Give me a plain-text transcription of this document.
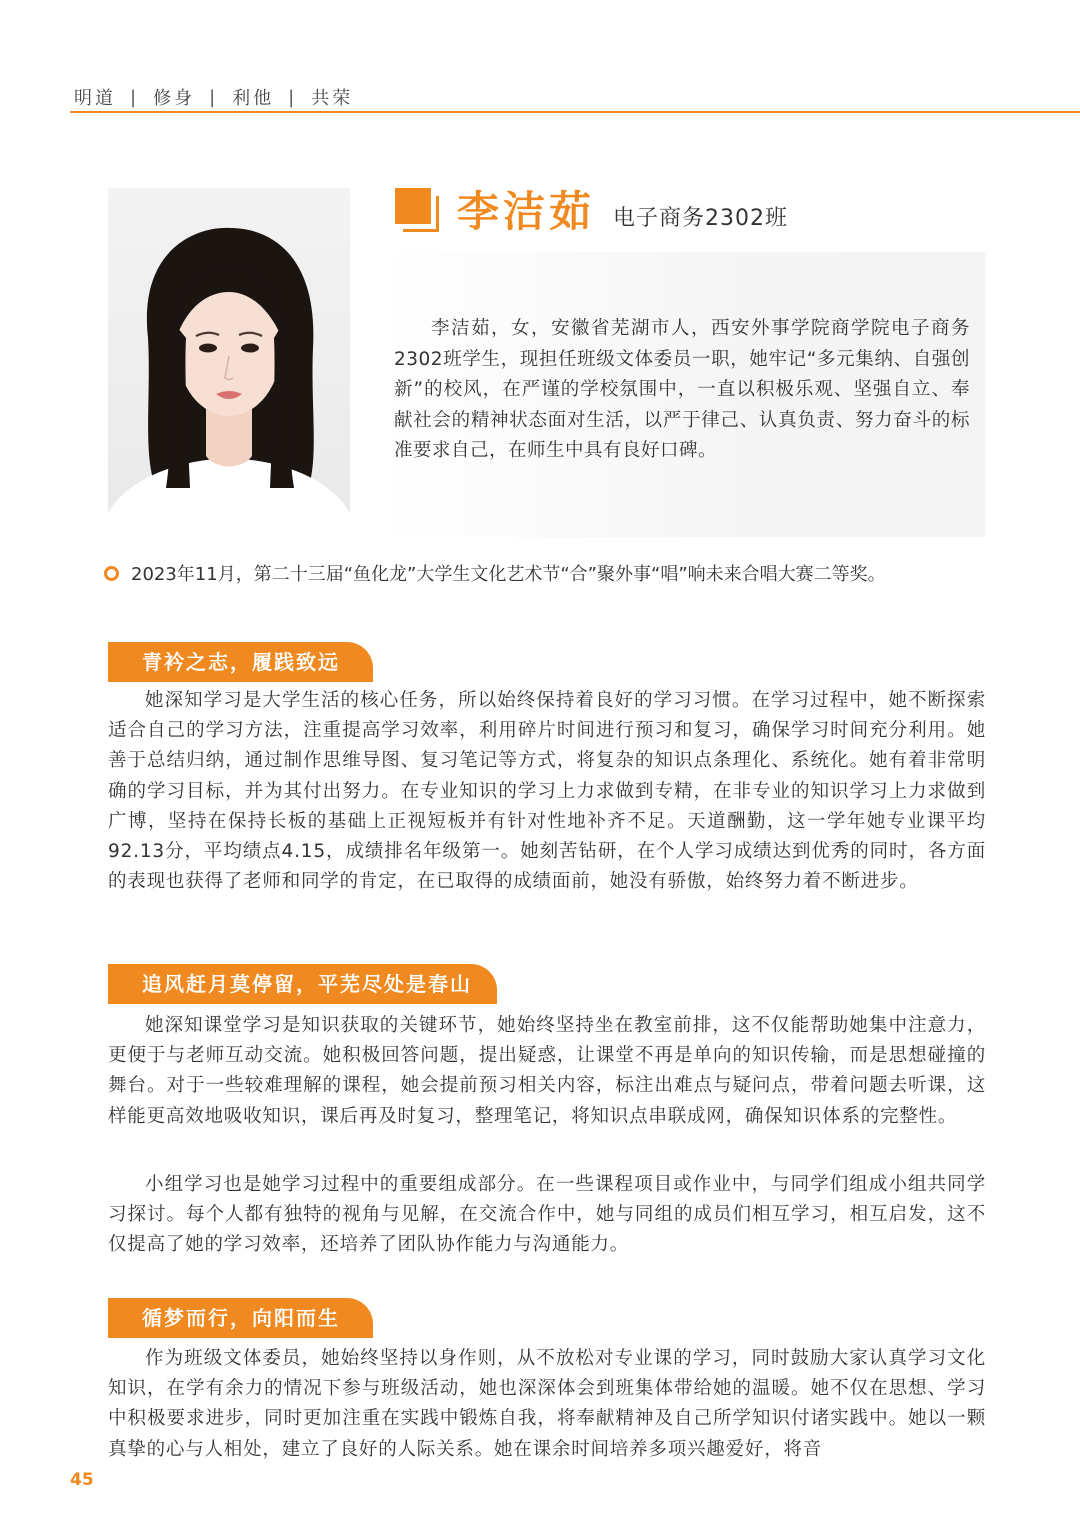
明道 | 修身 | 利他 | 共荣
李洁茹 电子商务2302班

李洁茹，女，安徽省芜湖市人，西安外事学院商学院电子商务2302班学生，现担任班级文体委员一职，她牢记“多元集纳、自强创新”的校风，在严谨的学校氛围中，一直以积极乐观、坚强自立、奉献社会的精神状态面对生活，以严于律己、认真负责、努力奋斗的标准要求自己，在师生中具有良好口碑。

2023年11月，第二十三届“鱼化龙”大学生文化艺术节“合”聚外事“唱”响未来合唱大赛二等奖。
青衿之志，履践致远

她深知学习是大学生活的核心任务，所以始终保持着良好的学习习惯。在学习过程中，她不断探索适合自己的学习方法，注重提高学习效率，利用碎片时间进行预习和复习，确保学习时间充分利用。她善于总结归纳，通过制作思维导图、复习笔记等方式，将复杂的知识点条理化、系统化。她有着非常明确的学习目标，并为其付出努力。在专业知识的学习上力求做到专精，在非专业的知识学习上力求做到广博，坚持在保持长板的基础上正视短板并有针对性地补齐不足。天道酬勤，这一学年她专业课平均92.13分，平均绩点4.15，成绩排名年级第一。她刻苦钻研，在个人学习成绩达到优秀的同时，各方面的表现也获得了老师和同学的肯定，在已取得的成绩面前，她没有骄傲，始终努力着不断进步。

追风赶月莫停留，平芜尽处是春山

她深知课堂学习是知识获取的关键环节，她始终坚持坐在教室前排，这不仅能帮助她集中注意力，更便于与老师互动交流。她积极回答问题，提出疑惑，让课堂不再是单向的知识传输，而是思想碰撞的舞台。对于一些较难理解的课程，她会提前预习相关内容，标注出难点与疑问点，带着问题去听课，这样能更高效地吸收知识，课后再及时复习，整理笔记，将知识点串联成网，确保知识体系的完整性。

小组学习也是她学习过程中的重要组成部分。在一些课程项目或作业中，与同学们组成小组共同学习探讨。每个人都有独特的视角与见解，在交流合作中，她与同组的成员们相互学习，相互启发，这不仅提高了她的学习效率，还培养了团队协作能力与沟通能力。

循梦而行，向阳而生

作为班级文体委员，她始终坚持以身作则，从不放松对专业课的学习，同时鼓励大家认真学习文化知识，在学有余力的情况下参与班级活动，她也深深体会到班集体带给她的温暖。她不仅在思想、学习中积极要求进步，同时更加注重在实践中锻炼自我，将奉献精神及自己所学知识付诸实践中。她以一颗真挚的心与人相处，建立了良好的人际关系。她在课余时间培养多项兴趣爱好，将音

45
